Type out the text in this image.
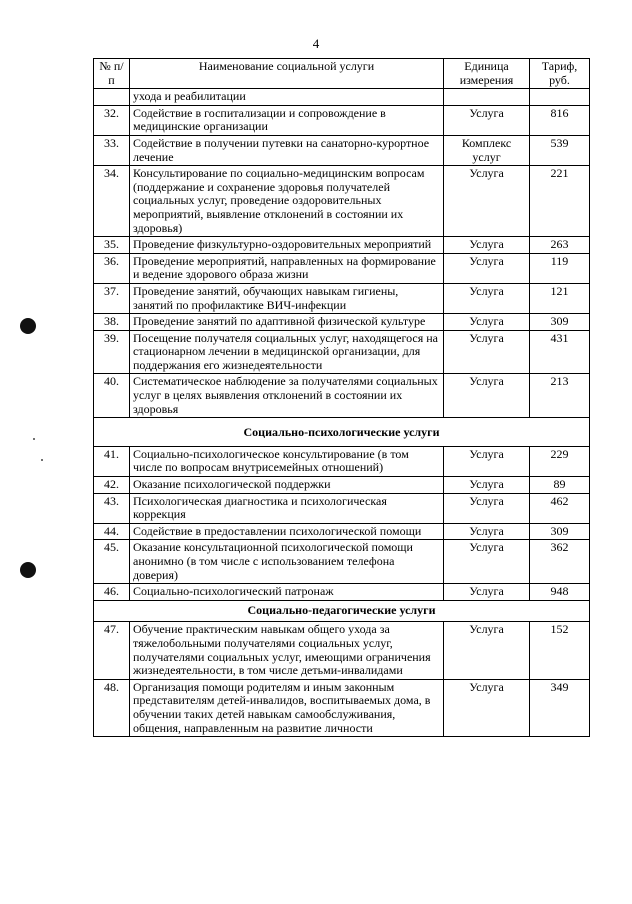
4
№ п/п	Наименование социальной услуги	Единица измерения	Тариф, руб.
	ухода и реабилитации		
32.	Содействие в госпитализации и сопровождение в медицинские организации	Услуга	816
33.	Содействие в получении путевки на санаторно-курортное лечение	Комплекс услуг	539
34.	Консультирование по социально-медицинским вопросам (поддержание и сохранение здоровья получателей социальных услуг, проведение оздоровительных мероприятий, выявление отклонений в состоянии их здоровья)	Услуга	221
35.	Проведение физкультурно-оздоровительных мероприятий	Услуга	263
36.	Проведение мероприятий, направленных на формирование и ведение здорового образа жизни	Услуга	119
37.	Проведение занятий, обучающих навыкам гигиены, занятий по профилактике ВИЧ-инфекции	Услуга	121
38.	Проведение занятий по адаптивной физической культуре	Услуга	309
39.	Посещение получателя социальных услуг, находящегося на стационарном лечении в медицинской организации, для поддержания его жизнедеятельности	Услуга	431
40.	Систематическое наблюдение за получателями социальных услуг в целях выявления отклонений в состоянии их здоровья	Услуга	213
Социально-психологические услуги			
41.	Социально-психологическое консультирование (в том числе по вопросам внутрисемейных отношений)	Услуга	229
42.	Оказание психологической поддержки	Услуга	89
43.	Психологическая диагностика и психологическая коррекция	Услуга	462
44.	Содействие в предоставлении психологической помощи	Услуга	309
45.	Оказание консультационной психологической помощи анонимно (в том числе с использованием телефона доверия)	Услуга	362
46.	Социально-психологический патронаж	Услуга	948
Социально-педагогические услуги			
47.	Обучение практическим навыкам общего ухода за тяжелобольными получателями социальных услуг, получателями социальных услуг, имеющими ограничения жизнедеятельности, в том числе детьми-инвалидами	Услуга	152
48.	Организация помощи родителям и иным законным представителям детей-инвалидов, воспитываемых дома, в обучении таких детей навыкам самообслуживания, общения, направленным на развитие личности	Услуга	349
